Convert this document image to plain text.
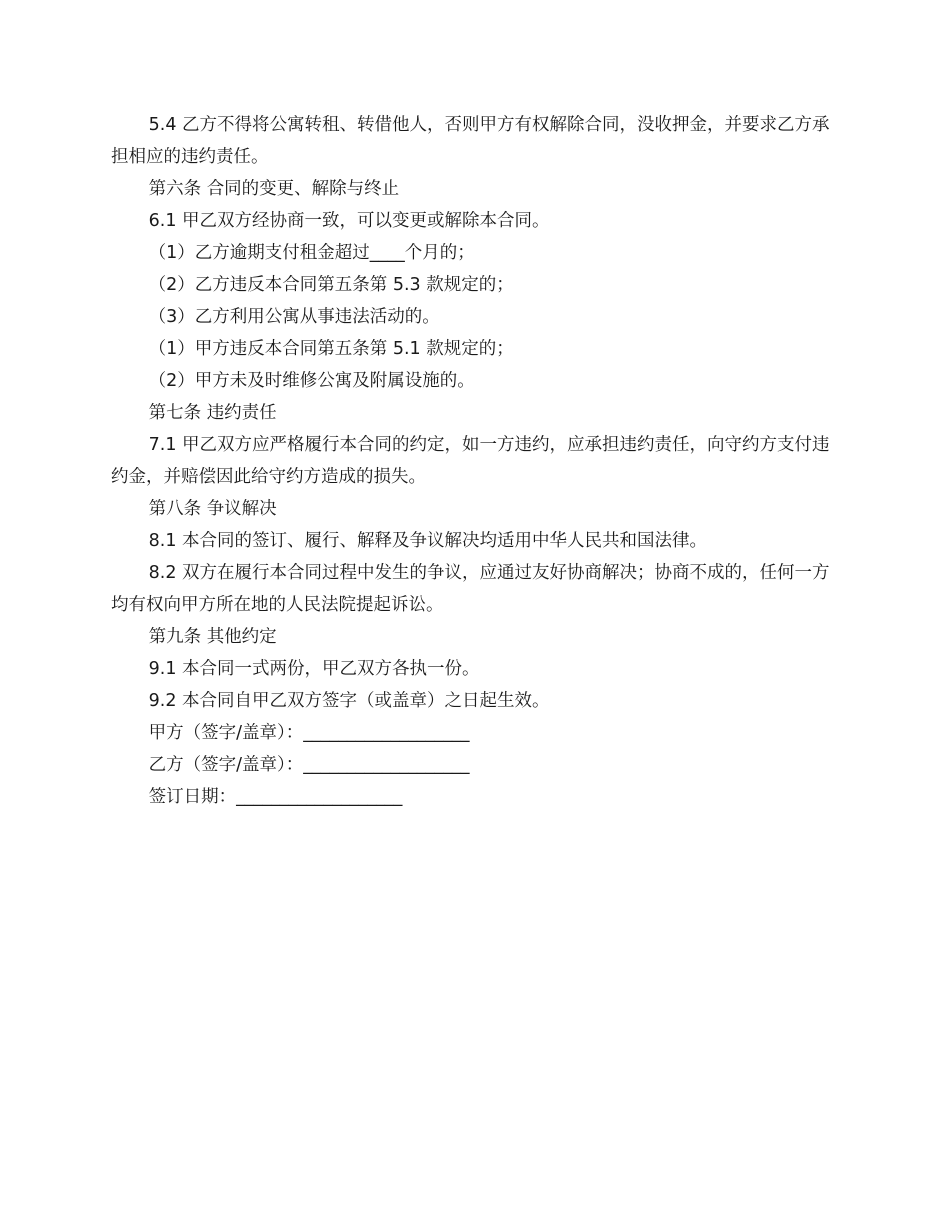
5.4 乙方不得将公寓转租、转借他人，否则甲方有权解除合同，没收押金，并要求乙方承担相应的违约责任。

第六条 合同的变更、解除与终止

6.1 甲乙双方经协商一致，可以变更或解除本合同。

（1）乙方逾期支付租金超过____个月的；

（2）乙方违反本合同第五条第 5.3 款规定的；

（3）乙方利用公寓从事违法活动的。

（1）甲方违反本合同第五条第 5.1 款规定的；

（2）甲方未及时维修公寓及附属设施的。

第七条 违约责任

7.1 甲乙双方应严格履行本合同的约定，如一方违约，应承担违约责任，向守约方支付违约金，并赔偿因此给守约方造成的损失。

第八条 争议解决

8.1 本合同的签订、履行、解释及争议解决均适用中华人民共和国法律。

8.2 双方在履行本合同过程中发生的争议，应通过友好协商解决；协商不成的，任何一方均有权向甲方所在地的人民法院提起诉讼。

第九条 其他约定

9.1 本合同一式两份，甲乙双方各执一份。

9.2 本合同自甲乙双方签字（或盖章）之日起生效。

甲方（签字/盖章）：___________________

乙方（签字/盖章）：___________________

签订日期：___________________
